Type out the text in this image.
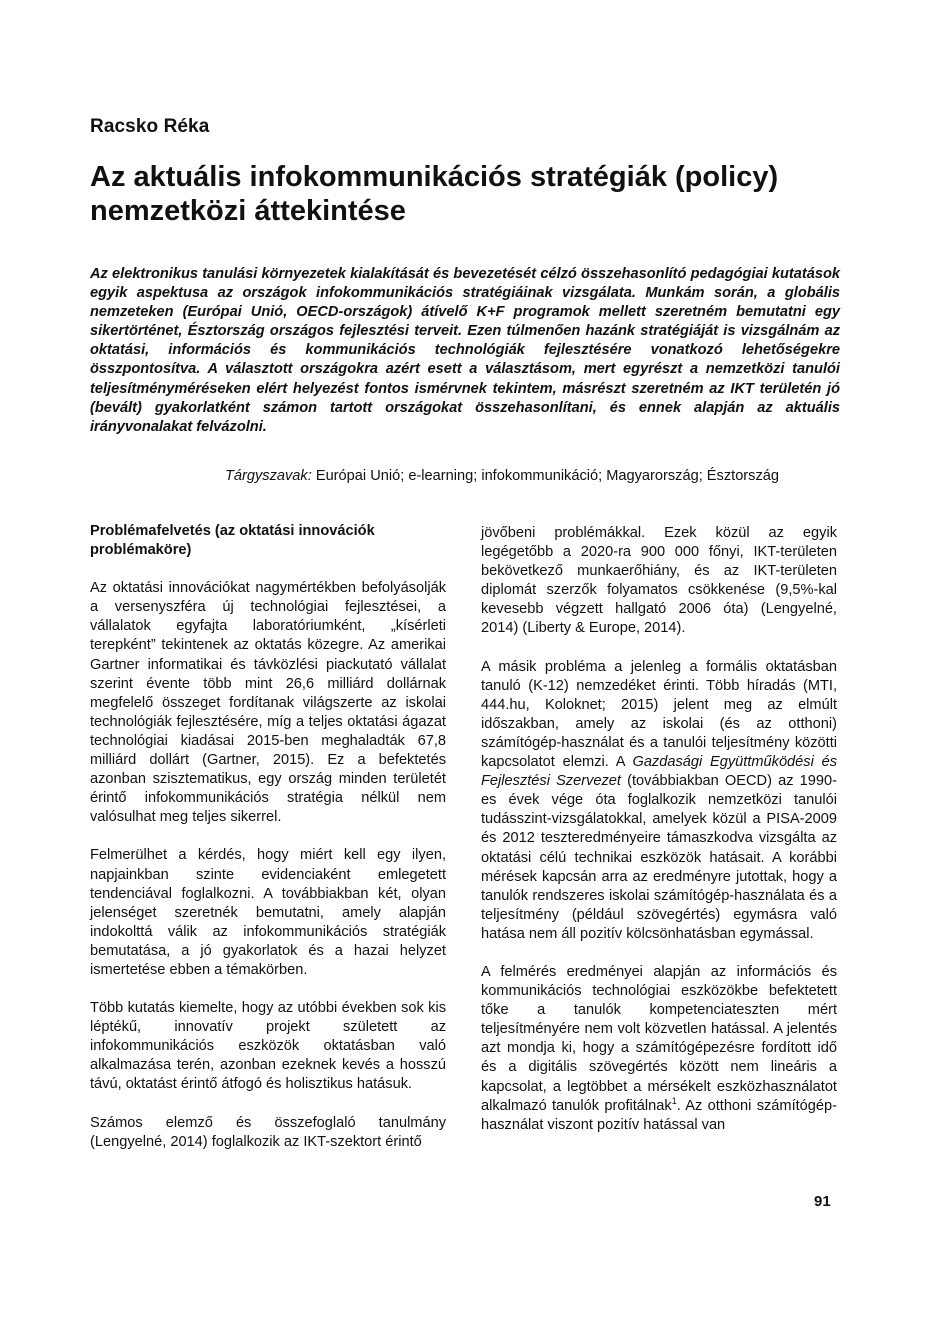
Racsko Réka
Az aktuális infokommunikációs stratégiák (policy) nemzetközi áttekintése

Az elektronikus tanulási környezetek kialakítását és bevezetését célzó összehasonlító pedagógiai kutatások egyik aspektusa az országok infokommunikációs stratégiáinak vizsgálata. Munkám során, a globális nemzeteken (Európai Unió, OECD-országok) átívelő K+F programok mellett szeretném bemutatni egy sikertörténet, Észtország országos fejlesztési terveit. Ezen túlmenően hazánk stratégiáját is vizsgálnám az oktatási, információs és kommunikációs technológiák fejlesztésére vonatkozó lehetőségekre összpontosítva. A választott országokra azért esett a választásom, mert egyrészt a nemzetközi tanulói teljesítményméréseken elért helyezést fontos ismérvnek tekintem, másrészt szeretném az IKT területén jó (bevált) gyakorlatként számon tartott országokat összehasonlítani, és ennek alapján az aktuális irányvonalakat felvázolni.

Tárgyszavak: Európai Unió; e-learning; infokommunikáció; Magyarország; Észtország

Problémafelvetés (az oktatási innovációk problémaköre)

Az oktatási innovációkat nagymértékben befolyásolják a versenyszféra új technológiai fejlesztései, a vállalatok egyfajta laboratóriumként, „kísérleti terepként” tekintenek az oktatás közegre. Az amerikai Gartner informatikai és távközlési piackutató vállalat szerint évente több mint 26,6 milliárd dollárnak megfelelő összeget fordítanak világszerte az iskolai technológiák fejlesztésére, míg a teljes oktatási ágazat technológiai kiadásai 2015-ben meghaladták 67,8 milliárd dollárt (Gartner, 2015). Ez a befektetés azonban szisztematikus, egy ország minden területét érintő infokommunikációs stratégia nélkül nem valósulhat meg teljes sikerrel.

Felmerülhet a kérdés, hogy miért kell egy ilyen, napjainkban szinte evidenciaként emlegetett tendenciával foglalkozni. A továbbiakban két, olyan jelenséget szeretnék bemutatni, amely alapján indokolttá válik az infokommunikációs stratégiák bemutatása, a jó gyakorlatok és a hazai helyzet ismertetése ebben a témakörben.

Több kutatás kiemelte, hogy az utóbbi években sok kis léptékű, innovatív projekt született az infokommunikációs eszközök oktatásban való alkalmazása terén, azonban ezeknek kevés a hosszú távú, oktatást érintő átfogó és holisztikus hatásuk.

Számos elemző és összefoglaló tanulmány (Lengyelné, 2014) foglalkozik az IKT-szektort érintő

jövőbeni problémákkal. Ezek közül az egyik legégetőbb a 2020-ra 900 000 főnyi, IKT-területen bekövetkező munkaerőhiány, és az IKT-területen diplomát szerzők folyamatos csökkenése (9,5%-kal kevesebb végzett hallgató 2006 óta) (Lengyelné, 2014) (Liberty & Europe, 2014).

A másik probléma a jelenleg a formális oktatásban tanuló (K-12) nemzedéket érinti. Több híradás (MTI, 444.hu, Koloknet; 2015) jelent meg az elmúlt időszakban, amely az iskolai (és az otthoni) számítógép-használat és a tanulói teljesítmény közötti kapcsolatot elemzi. A Gazdasági Együttműködési és Fejlesztési Szervezet (továbbiakban OECD) az 1990-es évek vége óta foglalkozik nemzetközi tanulói tudásszint-vizsgálatokkal, amelyek közül a PISA-2009 és 2012 teszteredményeire támaszkodva vizsgálta az oktatási célú technikai eszközök hatásait. A korábbi mérések kapcsán arra az eredményre jutottak, hogy a tanulók rendszeres iskolai számítógép-használata és a teljesítmény (például szövegértés) egymásra való hatása nem áll pozitív kölcsönhatásban egymással.

A felmérés eredményei alapján az információs és kommunikációs technológiai eszközökbe befektetett tőke a tanulók kompetenciateszten mért teljesítményére nem volt közvetlen hatással. A jelentés azt mondja ki, hogy a számítógépezésre fordított idő és a digitális szövegértés között nem lineáris a kapcsolat, a legtöbbet a mérsékelt eszközhasználatot alkalmazó tanulók profitálnak$^1$. Az otthoni számítógép-használat viszont pozitív hatással van

91
